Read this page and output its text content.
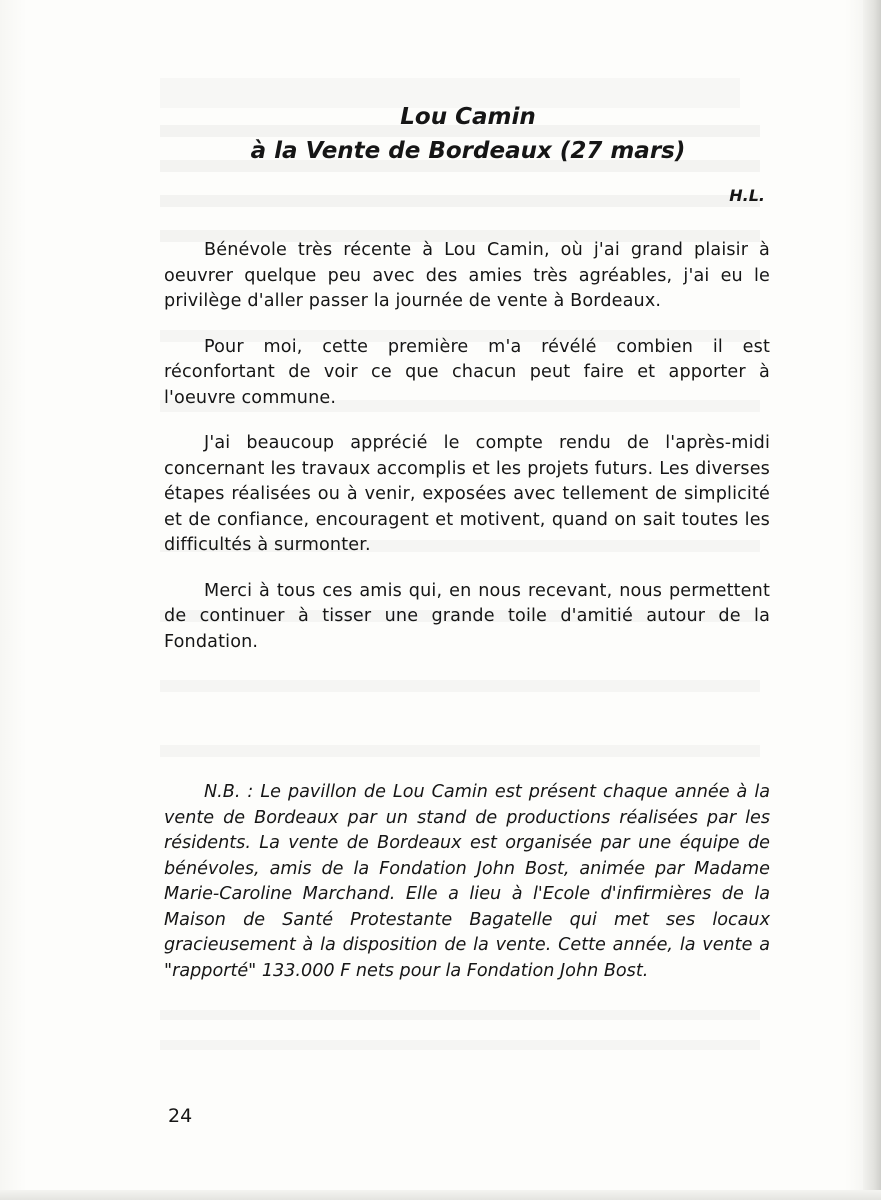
Lou Camin
à la Vente de Bordeaux (27 mars)
H.L.

Bénévole très récente à Lou Camin, où j'ai grand plaisir à oeuvrer quelque peu avec des amies très agréables, j'ai eu le privilège d'aller passer la journée de vente à Bordeaux.

Pour moi, cette première m'a révélé combien il est réconfortant de voir ce que chacun peut faire et apporter à l'oeuvre commune.

J'ai beaucoup apprécié le compte rendu de l'après-midi concernant les travaux accomplis et les projets futurs. Les diverses étapes réalisées ou à venir, exposées avec tellement de simplicité et de confiance, encouragent et motivent, quand on sait toutes les difficultés à surmonter.

Merci à tous ces amis qui, en nous recevant, nous permettent de continuer à tisser une grande toile d'amitié autour de la Fondation.

N.B. : Le pavillon de Lou Camin est présent chaque année à la vente de Bordeaux par un stand de productions réalisées par les résidents. La vente de Bordeaux est organisée par une équipe de bénévoles, amis de la Fondation John Bost, animée par Madame Marie-Caroline Marchand. Elle a lieu à l'Ecole d'infirmières de la Maison de Santé Protestante Bagatelle qui met ses locaux gracieusement à la disposition de la vente. Cette année, la vente a "rapporté" 133.000 F nets pour la Fondation John Bost.

24
